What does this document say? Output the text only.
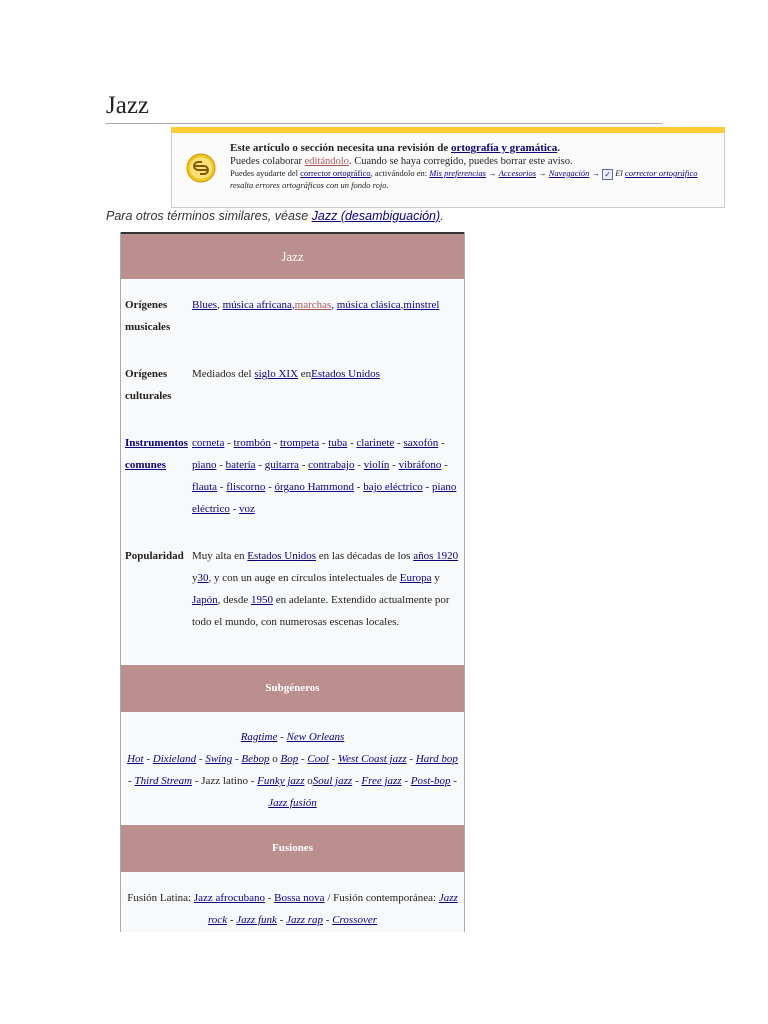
Jazz
Este artículo o sección necesita una revisión de ortografía y gramática.
Puedes colaborar editándolo. Cuando se haya corregido, puedes borrar este aviso.
Puedes ayudarte del corrector ortográfico, activándolo en: Mis preferencias → Accesorios → Navegación → ✓ El corrector ortográfico resalta errores ortográficos con un fondo rojo.
Para otros términos similares, véase Jazz (desambiguación).
Jazz
Orígenes musicales
Blues, música africana,marchas, música clásica,minstrel
Orígenes culturales
Mediados del siglo XIX enEstados Unidos
Instrumentos comunes
corneta - trombón - trompeta - tuba - clarinete - saxofón - piano - batería - guitarra - contrabajo - violín - vibráfono - flauta - fliscorno - órgano Hammond - bajo eléctrico - piano eléctrico - voz
Popularidad Muy alta en Estados Unidos en las décadas de los años 1920 y30, y con un auge en círculos intelectuales de Europa y Japón, desde 1950 en adelante. Extendido actualmente por todo el mundo, con numerosas escenas locales.
Subgéneros
Ragtime - New Orleans
Hot - Dixieland - Swing - Bebop o Bop - Cool - West Coast jazz - Hard bop - Third Stream - Jazz latino - Funky jazz oSoul jazz - Free jazz - Post-bop - Jazz fusión
Fusiones
Fusión Latina: Jazz afrocubano - Bossa nova / Fusión contemporánea: Jazz rock - Jazz funk - Jazz rap - Crossover
